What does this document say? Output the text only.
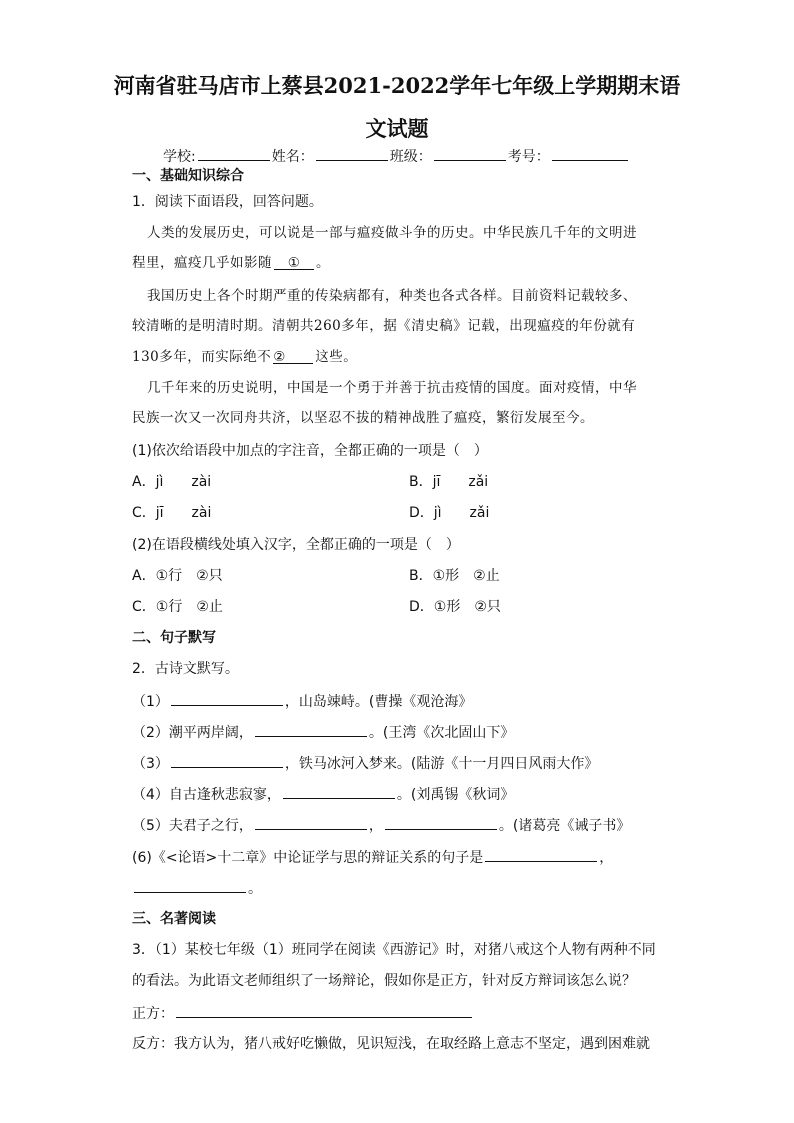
河南省驻马店市上蔡县2021-2022学年七年级上学期期末语
文试题
学校:	姓名：	班级：	考号：
一、基础知识综合
1．阅读下面语段，回答问题。
人类的发展历史，可以说是一部与瘟疫做斗争的历史。中华民族几千年的文明进
程里，瘟疫几乎如影随 ① 。
我国历史上各个时期严重的传染病都有，种类也各式各样。目前资料记载较多、
较清晰的是明清时期。清朝共260多年，据《清史稿》记载，出现瘟疫的年份就有
130多年，而实际绝不 ② 这些。
几千年来的历史说明，中国是一个勇于并善于抗击疫情的国度。面对疫情，中华
民族一次又一次同舟共济，以坚忍不拔的精神战胜了瘟疫，繁衍发展至今。
(1)依次给语段中加点的字注音，全都正确的一项是（　）
A．jì　　zài	B．jī　　zǎi
C．jī　　zài	D．jì　　zǎi
(2)在语段横线处填入汉字，全都正确的一项是（　）
A．①行　②只	B．①形　②止
C．①行　②止	D．①形　②只
二、句子默写
2．古诗文默写。
（1）	，山岛竦峙。(曹操《观沧海》
（2）潮平两岸阔，	。(王湾《次北固山下》
（3）	，铁马冰河入梦来。(陆游《十一月四日风雨大作》
（4）自古逢秋悲寂寥，	。(刘禹锡《秋词》
（5）夫君子之行，	，	。(诸葛亮《诫子书》
(6)《<论语>十二章》中论证学与思的辩证关系的句子是	，
。
三、名著阅读
3．（1）某校七年级（1）班同学在阅读《西游记》时，对猪八戒这个人物有两种不同
的看法。为此语文老师组织了一场辩论，假如你是正方，针对反方辩词该怎么说？
正方：
反方：我方认为，猪八戒好吃懒做，见识短浅，在取经路上意志不坚定，遇到困难就
